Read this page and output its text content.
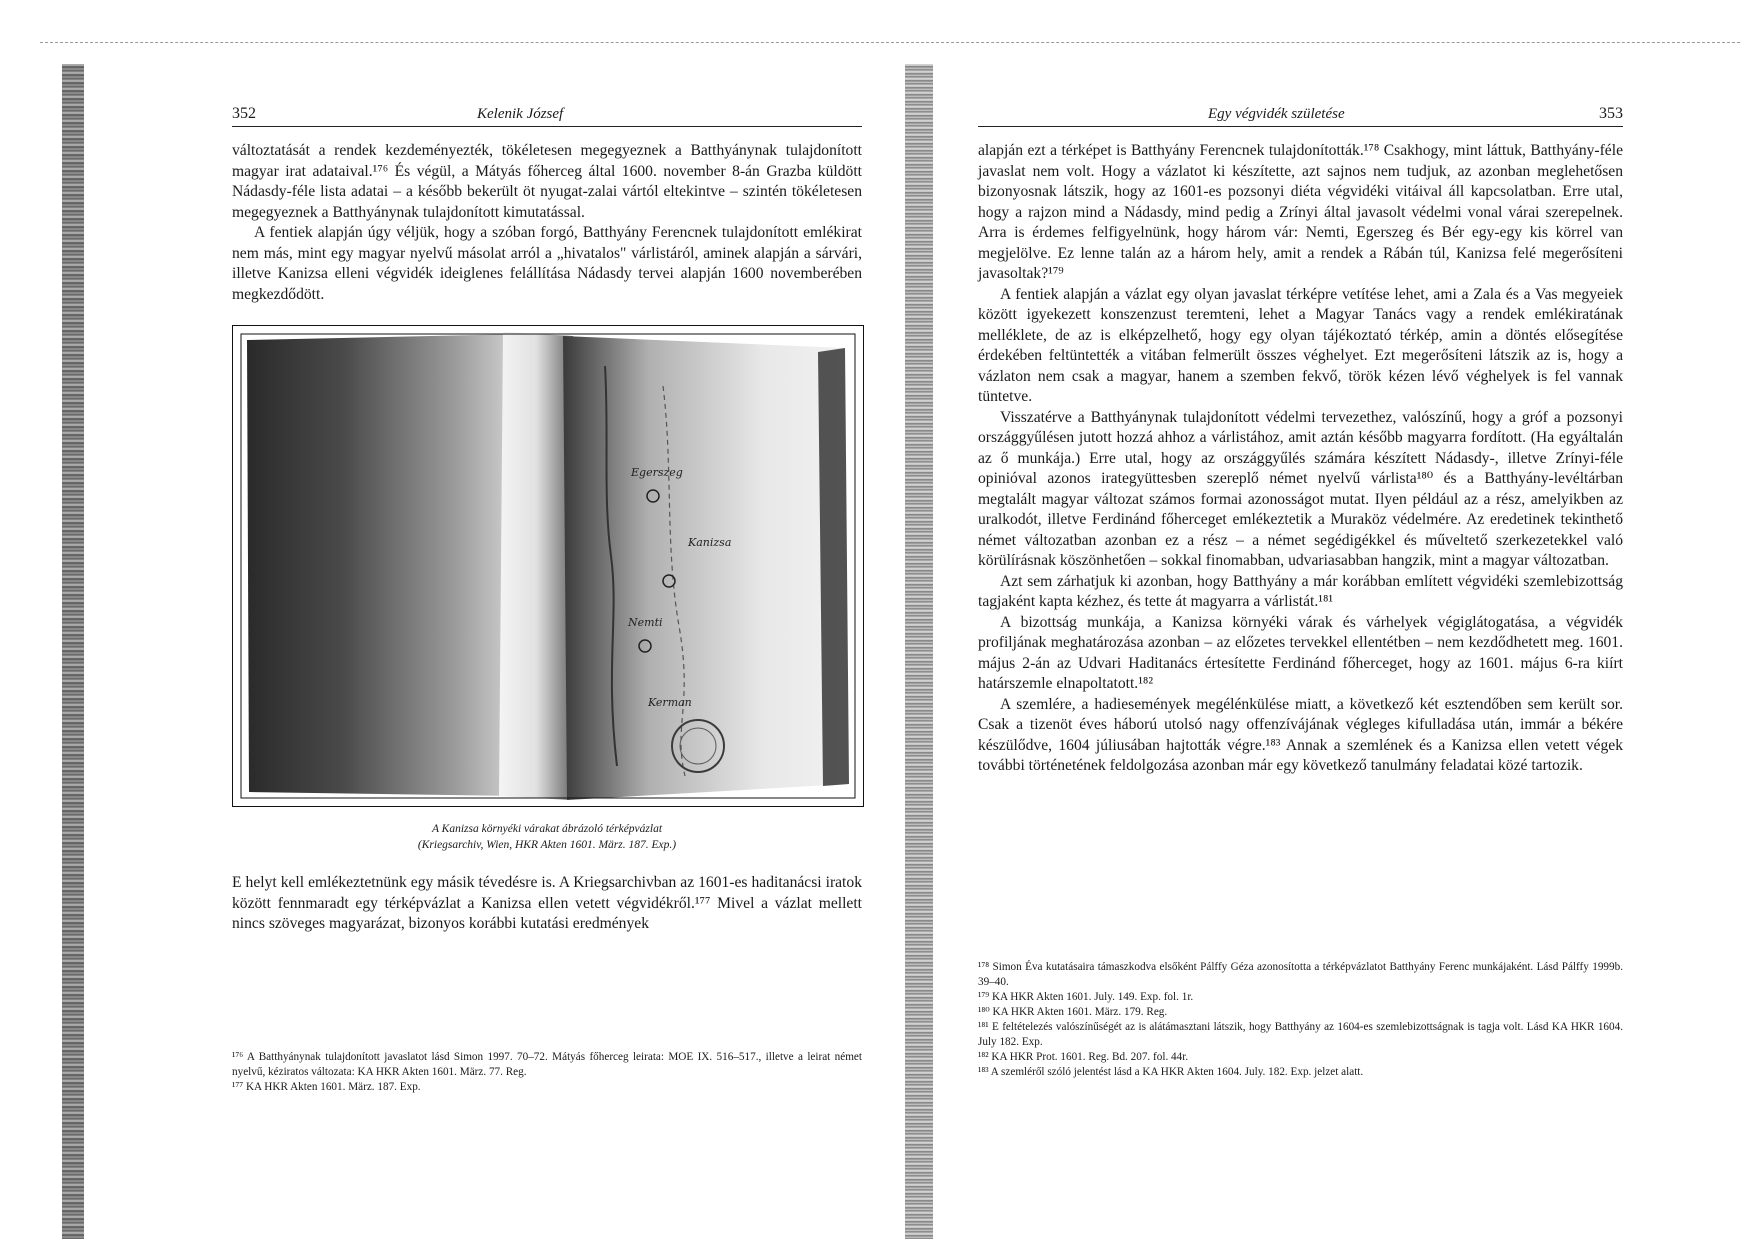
352	Kelenik József

változtatását a rendek kezdeményezték, tökéletesen megegyeznek a Batthyánynak tulajdonított magyar irat adataival.¹⁷⁶ És végül, a Mátyás főherceg által 1600. november 8-án Grazba küldött Nádasdy-féle lista adatai – a később bekerült öt nyugat-zalai vártól eltekintve – szintén tökéletesen megegyeznek a Batthyánynak tulajdonított kimutatással.

A fentiek alapján úgy véljük, hogy a szóban forgó, Batthyány Ferencnek tulajdonított emlékirat nem más, mint egy magyar nyelvű másolat arról a „hivatalos" várlistáról, aminek alapján a sárvári, illetve Kanizsa elleni végvidék ideiglenes felállítása Nádasdy tervei alapján 1600 novemberében megkezdődött.

Egerszeg
Kanizsa
Nemti
Kerman
A Kanizsa környéki várakat ábrázoló térképvázlat
(Kriegsarchiv, Wien, HKR Akten 1601. März. 187. Exp.)

E helyt kell emlékeztetnünk egy másik tévedésre is. A Kriegsarchivban az 1601-es haditanácsi iratok között fennmaradt egy térképvázlat a Kanizsa ellen vetett végvidékről.¹⁷⁷ Mivel a vázlat mellett nincs szöveges magyarázat, bizonyos korábbi kutatási eredmények

¹⁷⁶ A Batthyánynak tulajdonított javaslatot lásd Simon 1997. 70–72. Mátyás főherceg leirata: MOE IX. 516–517., illetve a leirat német nyelvű, kéziratos változata: KA HKR Akten 1601. März. 77. Reg.

¹⁷⁷ KA HKR Akten 1601. März. 187. Exp.

Egy végvidék születése	353

alapján ezt a térképet is Batthyány Ferencnek tulajdonították.¹⁷⁸ Csakhogy, mint láttuk, Batthyány-féle javaslat nem volt. Hogy a vázlatot ki készítette, azt sajnos nem tudjuk, az azonban meglehetősen bizonyosnak látszik, hogy az 1601-es pozsonyi diéta végvidéki vitáival áll kapcsolatban. Erre utal, hogy a rajzon mind a Nádasdy, mind pedig a Zrínyi által javasolt védelmi vonal várai szerepelnek. Arra is érdemes felfigyelnünk, hogy három vár: Nemti, Egerszeg és Bér egy-egy kis körrel van megjelölve. Ez lenne talán az a három hely, amit a rendek a Rábán túl, Kanizsa felé megerősíteni javasoltak?¹⁷⁹

A fentiek alapján a vázlat egy olyan javaslat térképre vetítése lehet, ami a Zala és a Vas megyeiek között igyekezett konszenzust teremteni, lehet a Magyar Tanács vagy a rendek emlékiratának melléklete, de az is elképzelhető, hogy egy olyan tájékoztató térkép, amin a döntés elősegítése érdekében feltüntették a vitában felmerült összes véghelyet. Ezt megerősíteni látszik az is, hogy a vázlaton nem csak a magyar, hanem a szemben fekvő, török kézen lévő véghelyek is fel vannak tüntetve.

Visszatérve a Batthyánynak tulajdonított védelmi tervezethez, valószínű, hogy a gróf a pozsonyi országgyűlésen jutott hozzá ahhoz a várlistához, amit aztán később magyarra fordított. (Ha egyáltalán az ő munkája.) Erre utal, hogy az országgyűlés számára készített Nádasdy-, illetve Zrínyi-féle opinióval azonos irategyüttesben szereplő német nyelvű várlista¹⁸⁰ és a Batthyány-levéltárban megtalált magyar változat számos formai azonosságot mutat. Ilyen például az a rész, amelyikben az uralkodót, illetve Ferdinánd főherceget emlékeztetik a Muraköz védelmére. Az eredetinek tekinthető német változatban azonban ez a rész – a német segédigékkel és műveltető szerkezetekkel való körülírásnak köszönhetően – sokkal finomabban, udvariasabban hangzik, mint a magyar változatban.

Azt sem zárhatjuk ki azonban, hogy Batthyány a már korábban említett végvidéki szemlebizottság tagjaként kapta kézhez, és tette át magyarra a várlistát.¹⁸¹

A bizottság munkája, a Kanizsa környéki várak és várhelyek végiglátogatása, a végvidék profiljának meghatározása azonban – az előzetes tervekkel ellentétben – nem kezdődhetett meg. 1601. május 2-án az Udvari Haditanács értesítette Ferdinánd főherceget, hogy az 1601. május 6-ra kiírt határszemle elnapoltatott.¹⁸²

A szemlére, a hadiesemények megélénkülése miatt, a következő két esztendőben sem került sor. Csak a tizenöt éves háború utolsó nagy offenzívájának végleges kifulladása után, immár a békére készülődve, 1604 júliusában hajtották végre.¹⁸³ Annak a szemlének és a Kanizsa ellen vetett végek további történetének feldolgozása azonban már egy következő tanulmány feladatai közé tartozik.

¹⁷⁸ Simon Éva kutatásaira támaszkodva elsőként Pálffy Géza azonosította a térképvázlatot Batthyány Ferenc munkájaként. Lásd Pálffy 1999b. 39–40.

¹⁷⁹ KA HKR Akten 1601. July. 149. Exp. fol. 1r.

¹⁸⁰ KA HKR Akten 1601. März. 179. Reg.

¹⁸¹ E feltételezés valószínűségét az is alátámasztani látszik, hogy Batthyány az 1604-es szemlebizottságnak is tagja volt. Lásd KA HKR 1604. July 182. Exp.

¹⁸² KA HKR Prot. 1601. Reg. Bd. 207. fol. 44r.

¹⁸³ A szemléről szóló jelentést lásd a KA HKR Akten 1604. July. 182. Exp. jelzet alatt.
